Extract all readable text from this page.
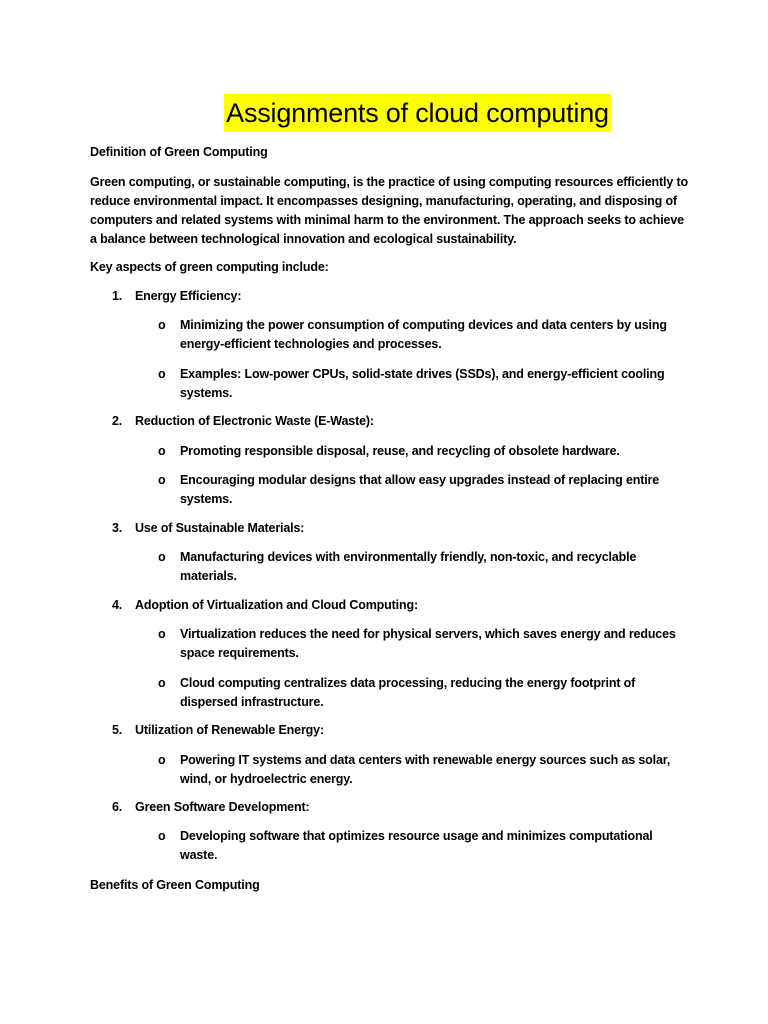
Assignments of cloud computing
Definition of Green Computing
Green computing, or sustainable computing, is the practice of using computing resources efficiently to reduce environmental impact. It encompasses designing, manufacturing, operating, and disposing of computers and related systems with minimal harm to the environment. The approach seeks to achieve a balance between technological innovation and ecological sustainability.
Key aspects of green computing include:
1. Energy Efficiency:
o	Minimizing the power consumption of computing devices and data centers by using energy-efficient technologies and processes.
o	Examples: Low-power CPUs, solid-state drives (SSDs), and energy-efficient cooling systems.
2. Reduction of Electronic Waste (E-Waste):
o	Promoting responsible disposal, reuse, and recycling of obsolete hardware.
o	Encouraging modular designs that allow easy upgrades instead of replacing entire systems.
3. Use of Sustainable Materials:
o	Manufacturing devices with environmentally friendly, non-toxic, and recyclable materials.
4. Adoption of Virtualization and Cloud Computing:
o	Virtualization reduces the need for physical servers, which saves energy and reduces space requirements.
o	Cloud computing centralizes data processing, reducing the energy footprint of dispersed infrastructure.
5. Utilization of Renewable Energy:
o	Powering IT systems and data centers with renewable energy sources such as solar, wind, or hydroelectric energy.
6. Green Software Development:
o	Developing software that optimizes resource usage and minimizes computational waste.
Benefits of Green Computing
